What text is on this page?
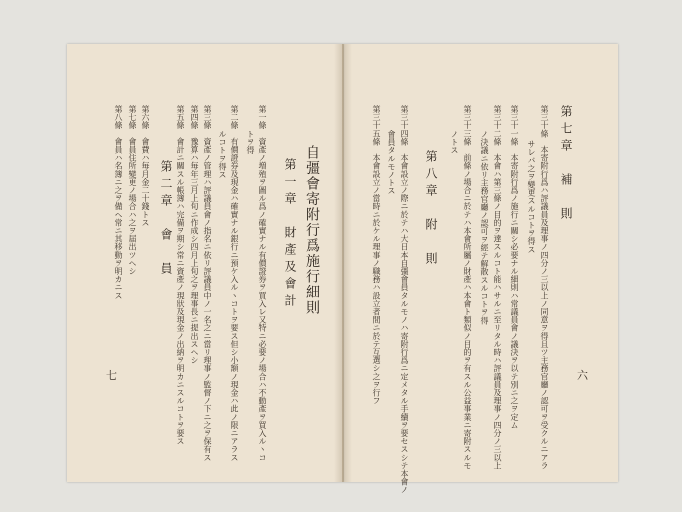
第七章　補　則
第三十條　本寄附行爲ハ評議員及理事ノ四分ノ三以上ノ同意ヲ得且ツ主務官廳ノ認可ヲ受クルニアラ
サレバ之ヲ變更スルコトヲ得ス
第三十一條　本寄附行爲ノ施行ニ關シ必要ナル細則ハ常議員會ノ議決ヲ以テ別ニ之ヲ定ム
第三十二條　本會ハ第三條ノ目的ヲ達スルコト能ハサルニ至リタル時ハ評議員及理事ノ四分ノ三以上
ノ決議ニ依リ主務官廳ノ認可ヲ經テ解散スルコトヲ得
第三十三條　前條ノ場合ニ於テハ本會所屬ノ財產ハ本會ト類似ノ目的ヲ有スル公益事業ニ寄附スルモ
ノトス
第八章　附　則
第三十四條　本會設立ノ際ニ於テハ大日本自彊會員タルモノハ寄附行爲ニ定メタル手續ヲ要セスシテ本會ノ
會員タルモノトス
第三十五條　本會設立ノ當時ニ於ケル理事ノ職務ハ設立者間ニ於テ互選シ之ヲ行フ	六
自彊會寄附行爲施行細則
第一章　財產及會計
第一條　資產ノ増殖ヲ圖ル爲ノ確實ナル有價證券ヲ買入レ又特ニ必要ノ場合ハ不動產ヲ買入ルヽコ
トヲ得
第二條　有價證券及現金ハ確實ナル銀行ニ預ケ入ルヽコトヲ要ス但シ小額ノ現金ハ此ノ限ニアラス
ルコトヲ得ス
第三條　資產ノ管理ハ評議員會ノ指名ニ依リ評議員中ノ一名之ニ當リ理事ノ監督ノ下ニ之ヲ保有ス
第四條　豫算ハ毎年三月上旬ニ作成シ四月上旬之ヲ理事長ニ提出スヘシ
第五條　會計ニ關スル帳簿ハ完備ヲ期シ常ニ資產ノ現狀及現金ノ出納ヲ明カニスルコトヲ要ス
第二章　會　員
第六條　會費ハ毎月金二十錢トス
第七條　會員住所變更ノ場合ハ之ヲ届出ツヘシ
第八條　會員ハ名簿ニ之ヲ備ヘ常ニ其移動ヲ明カニス
七
